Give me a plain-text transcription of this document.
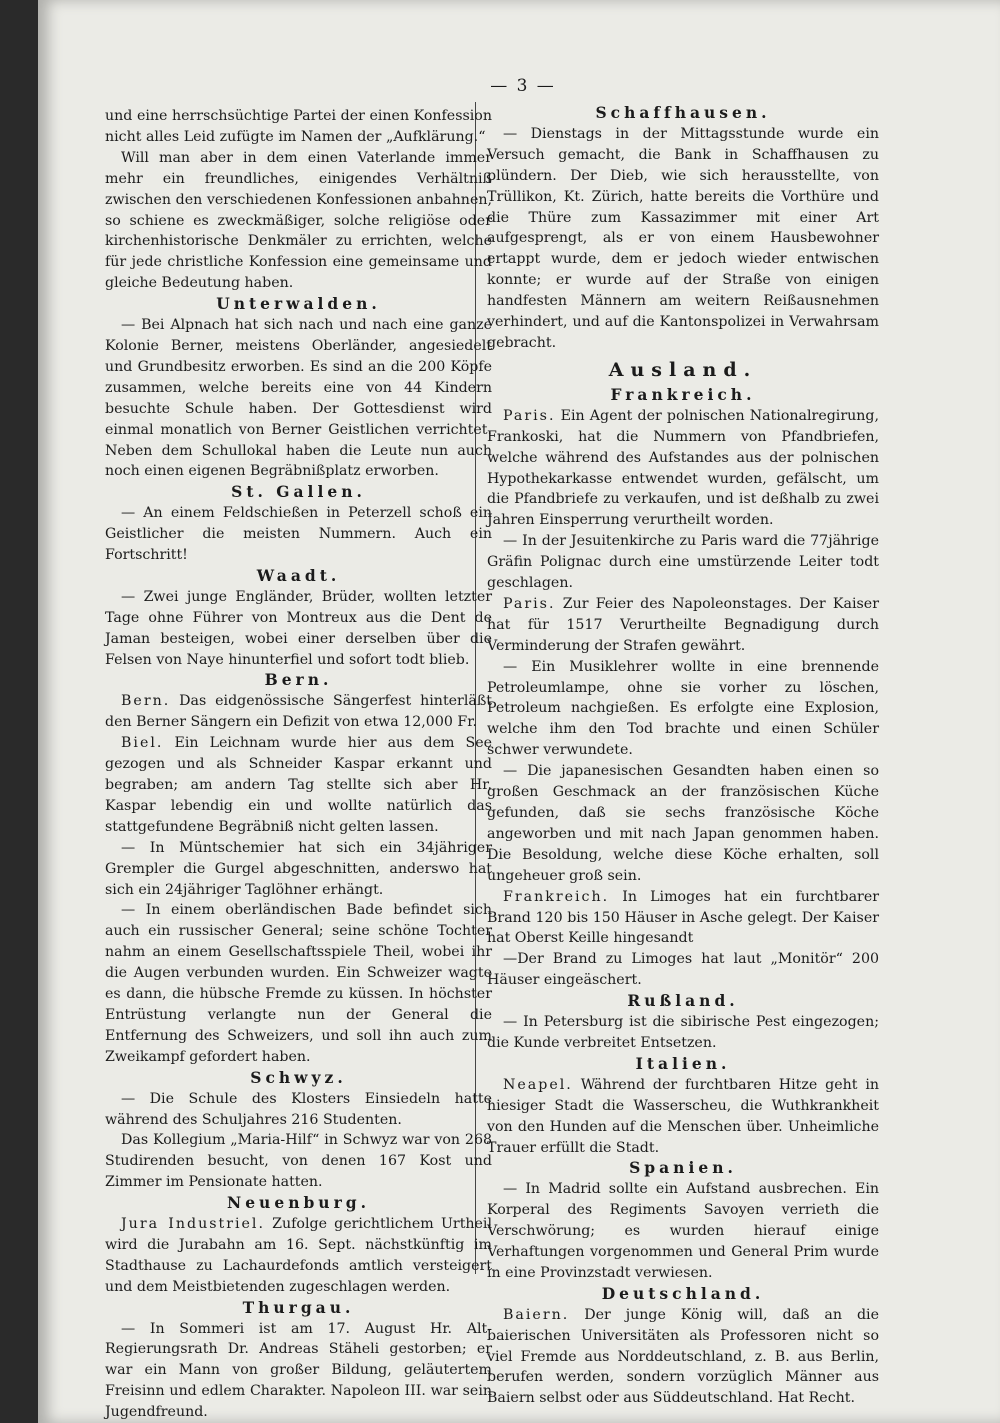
— 3 —

und eine herrschsüchtige Partei der einen Konfession nicht alles Leid zufügte im Namen der „Aufklärung.“

Will man aber in dem einen Vaterlande immer mehr ein freundliches, einigendes Verhältniß zwischen den verschiedenen Konfessionen anbahnen, so schiene es zweckmäßiger, solche religiöse oder kirchenhistorische Denkmäler zu errichten, welche für jede christliche Konfession eine gemeinsame und gleiche Bedeutung haben.

Unterwalden.

— Bei Alpnach hat sich nach und nach eine ganze Kolonie Berner, meistens Oberländer, angesiedelt und Grundbesitz erworben. Es sind an die 200 Köpfe zusammen, welche bereits eine von 44 Kindern besuchte Schule haben. Der Gottesdienst wird einmal monatlich von Berner Geistlichen verrichtet. Neben dem Schullokal haben die Leute nun auch noch einen eigenen Begräbnißplatz erworben.

St. Gallen.

— An einem Feldschießen in Peterzell schoß ein Geistlicher die meisten Nummern. Auch ein Fortschritt!

Waadt.

— Zwei junge Engländer, Brüder, wollten letzter Tage ohne Führer von Montreux aus die Dent de Jaman besteigen, wobei einer derselben über die Felsen von Naye hinunterfiel und sofort todt blieb.

Bern.

Bern. Das eidgenössische Sängerfest hinterläßt den Berner Sängern ein Defizit von etwa 12,000 Fr.

Biel. Ein Leichnam wurde hier aus dem See gezogen und als Schneider Kaspar erkannt und begraben; am andern Tag stellte sich aber Hr. Kaspar lebendig ein und wollte natürlich das stattgefundene Begräbniß nicht gelten lassen.

— In Müntschemier hat sich ein 34jähriger Grempler die Gurgel abgeschnitten, anderswo hat sich ein 24jähriger Taglöhner erhängt.

— In einem oberländischen Bade befindet sich auch ein russischer General; seine schöne Tochter nahm an einem Gesellschaftsspiele Theil, wobei ihr die Augen verbunden wurden. Ein Schweizer wagte es dann, die hübsche Fremde zu küssen. In höchster Entrüstung verlangte nun der General die Entfernung des Schweizers, und soll ihn auch zum Zweikampf gefordert haben.

Schwyz.

— Die Schule des Klosters Einsiedeln hatte während des Schuljahres 216 Studenten.

Das Kollegium „Maria-Hilf“ in Schwyz war von 268 Studirenden besucht, von denen 167 Kost und Zimmer im Pensionate hatten.

Neuenburg.

Jura Industriel. Zufolge gerichtlichem Urtheil wird die Jurabahn am 16. Sept. nächstkünftig im Stadthause zu Lachaurdefonds amtlich versteigert und dem Meistbietenden zugeschlagen werden.

Thurgau.

— In Sommeri ist am 17. August Hr. Alt-Regierungsrath Dr. Andreas Stäheli gestorben; er war ein Mann von großer Bildung, geläutertem Freisinn und edlem Charakter. Napoleon III. war sein Jugendfreund.

Schaffhausen.

— Dienstags in der Mittagsstunde wurde ein Versuch gemacht, die Bank in Schaffhausen zu plündern. Der Dieb, wie sich herausstellte, von Trüllikon, Kt. Zürich, hatte bereits die Vorthüre und die Thüre zum Kassazimmer mit einer Art aufgesprengt, als er von einem Hausbewohner ertappt wurde, dem er jedoch wieder entwischen konnte; er wurde auf der Straße von einigen handfesten Männern am weitern Reißausnehmen verhindert, und auf die Kantonspolizei in Verwahrsam gebracht.

Ausland.
Frankreich.

Paris. Ein Agent der polnischen Nationalregirung, Frankoski, hat die Nummern von Pfandbriefen, welche während des Aufstandes aus der polnischen Hypothekarkasse entwendet wurden, gefälscht, um die Pfandbriefe zu verkaufen, und ist deßhalb zu zwei Jahren Einsperrung verurtheilt worden.

— In der Jesuitenkirche zu Paris ward die 77jährige Gräfin Polignac durch eine umstürzende Leiter todt geschlagen.

Paris. Zur Feier des Napoleonstages. Der Kaiser hat für 1517 Verurtheilte Begnadigung durch Verminderung der Strafen gewährt.

— Ein Musiklehrer wollte in eine brennende Petroleumlampe, ohne sie vorher zu löschen, Petroleum nachgießen. Es erfolgte eine Explosion, welche ihm den Tod brachte und einen Schüler schwer verwundete.

— Die japanesischen Gesandten haben einen so großen Geschmack an der französischen Küche gefunden, daß sie sechs französische Köche angeworben und mit nach Japan genommen haben. Die Besoldung, welche diese Köche erhalten, soll ungeheuer groß sein.

Frankreich. In Limoges hat ein furchtbarer Brand 120 bis 150 Häuser in Asche gelegt. Der Kaiser hat Oberst Keille hingesandt

—Der Brand zu Limoges hat laut „Monitör“ 200 Häuser eingeäschert.

Rußland.

— In Petersburg ist die sibirische Pest eingezogen; die Kunde verbreitet Entsetzen.

Italien.

Neapel. Während der furchtbaren Hitze geht in hiesiger Stadt die Wasserscheu, die Wuthkrankheit von den Hunden auf die Menschen über. Unheimliche Trauer erfüllt die Stadt.

Spanien.

— In Madrid sollte ein Aufstand ausbrechen. Ein Korperal des Regiments Savoyen verrieth die Verschwörung; es wurden hierauf einige Verhaftungen vorgenommen und General Prim wurde in eine Provinzstadt verwiesen.

Deutschland.

Baiern. Der junge König will, daß an die baierischen Universitäten als Professoren nicht so viel Fremde aus Norddeutschland, z. B. aus Berlin, berufen werden, sondern vorzüglich Männer aus Baiern selbst oder aus Süddeutschland. Hat Recht.
